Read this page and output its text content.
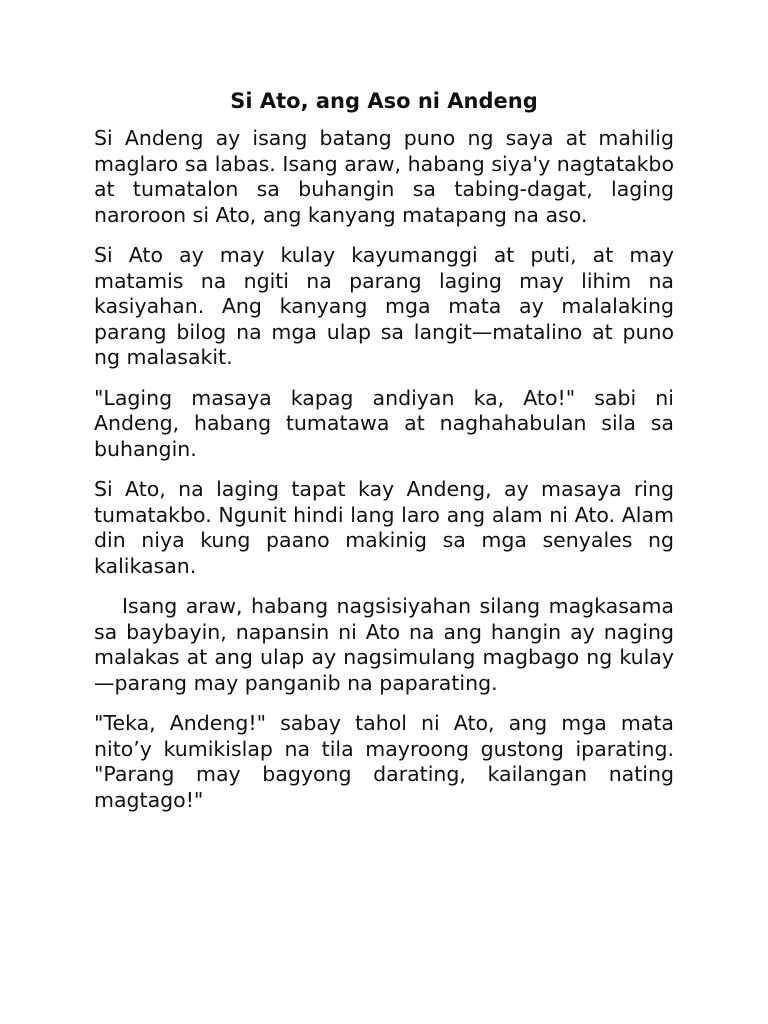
Si Ato, ang Aso ni Andeng

Si Andeng ay isang batang puno ng saya at mahilig maglaro sa labas. Isang araw, habang siya'y nagtatakbo at tumatalon sa buhangin sa tabing-dagat, laging naroroon si Ato, ang kanyang matapang na aso.

Si Ato ay may kulay kayumanggi at puti, at may matamis na ngiti na parang laging may lihim na kasiyahan. Ang kanyang mga mata ay malalaking parang bilog na mga ulap sa langit—matalino at puno ng malasakit.

"Laging masaya kapag andiyan ka, Ato!" sabi ni Andeng, habang tumatawa at naghahabulan sila sa buhangin.

Si Ato, na laging tapat kay Andeng, ay masaya ring tumatakbo. Ngunit hindi lang laro ang alam ni Ato. Alam din niya kung paano makinig sa mga senyales ng kalikasan.

Isang araw, habang nagsisiyahan silang magkasama sa baybayin, napansin ni Ato na ang hangin ay naging malakas at ang ulap ay nagsimulang magbago ng kulay—parang may panganib na paparating.

"Teka, Andeng!" sabay tahol ni Ato, ang mga mata nito’y kumikislap na tila mayroong gustong iparating. "Parang may bagyong darating, kailangan nating magtago!"
